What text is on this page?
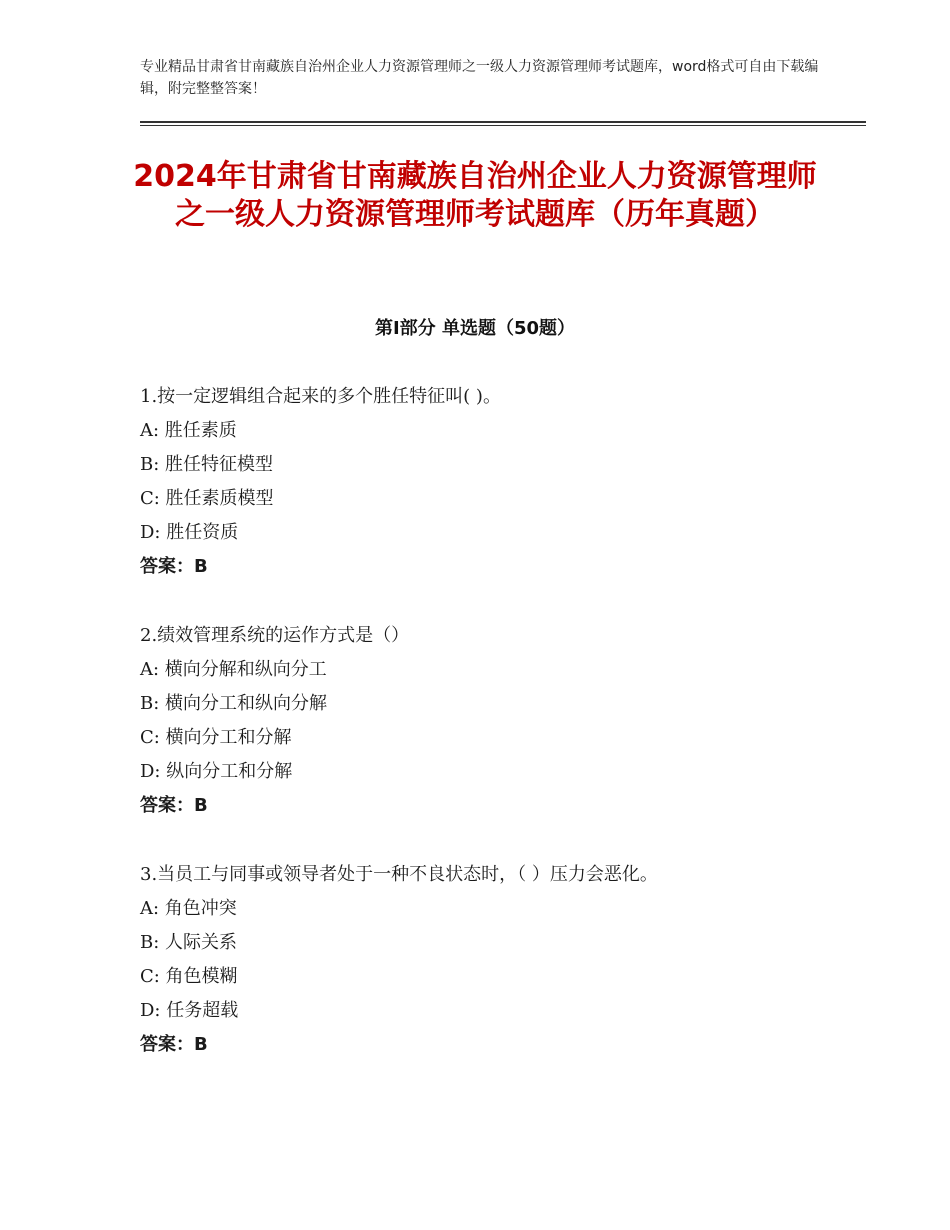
专业精品甘肃省甘南藏族自治州企业人力资源管理师之一级人力资源管理师考试题库，word格式可自由下载编辑，附完整整答案！
2024年甘肃省甘南藏族自治州企业人力资源管理师之一级人力资源管理师考试题库（历年真题）
第Ⅰ部分 单选题（50题）
1.按一定逻辑组合起来的多个胜任特征叫( )。
A: 胜任素质
B: 胜任特征模型
C: 胜任素质模型
D: 胜任资质
答案：B
2.绩效管理系统的运作方式是（）
A: 横向分解和纵向分工
B: 横向分工和纵向分解
C: 横向分工和分解
D: 纵向分工和分解
答案：B
3.当员工与同事或领导者处于一种不良状态时，（ ）压力会恶化。
A: 角色冲突
B: 人际关系
C: 角色模糊
D: 任务超载
答案：B
